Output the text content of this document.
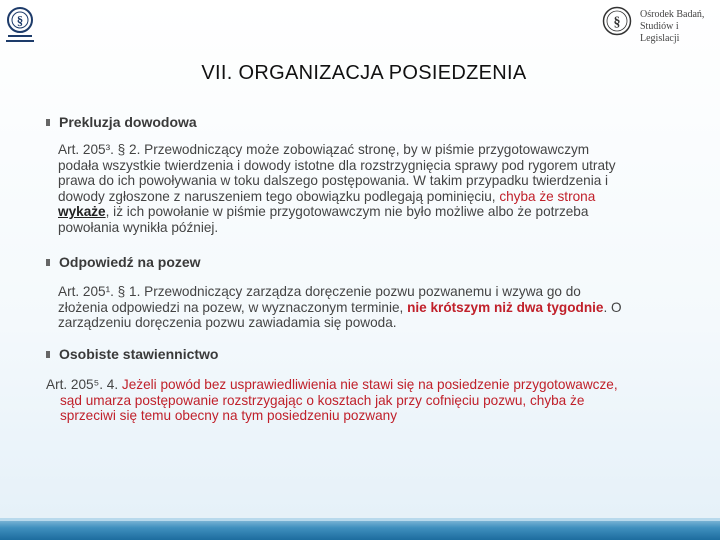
§	§
Ośrodek Badań, Studiów i Legislacji
VII. ORGANIZACJA POSIEDZENIA
Prekluzja dowodowa
Art. 205³. § 2. Przewodniczący może zobowiązać stronę, by w piśmie przygotowawczym
podała wszystkie twierdzenia i dowody istotne dla rozstrzygnięcia sprawy pod rygorem utraty
prawa do ich powoływania w toku dalszego postępowania. W takim przypadku twierdzenia i
dowody zgłoszone z naruszeniem tego obowiązku podlegają pominięciu, chyba że strona
wykaże, iż ich powołanie w piśmie przygotowawczym nie było możliwe albo że potrzeba
powołania wynikła później.
Odpowiedź na pozew
Art. 205¹. § 1. Przewodniczący zarządza doręczenie pozwu pozwanemu i wzywa go do
złożenia odpowiedzi na pozew, w wyznaczonym terminie, nie krótszym niż dwa tygodnie. O
zarządzeniu doręczenia pozwu zawiadamia się powoda.
Osobiste stawiennictwo
Art. 205⁵. 4. Jeżeli powód bez usprawiedliwienia nie stawi się na posiedzenie przygotowawcze,
sąd umarza postępowanie rozstrzygając o kosztach jak przy cofnięciu pozwu, chyba że
sprzeciwi się temu obecny na tym posiedzeniu pozwany
